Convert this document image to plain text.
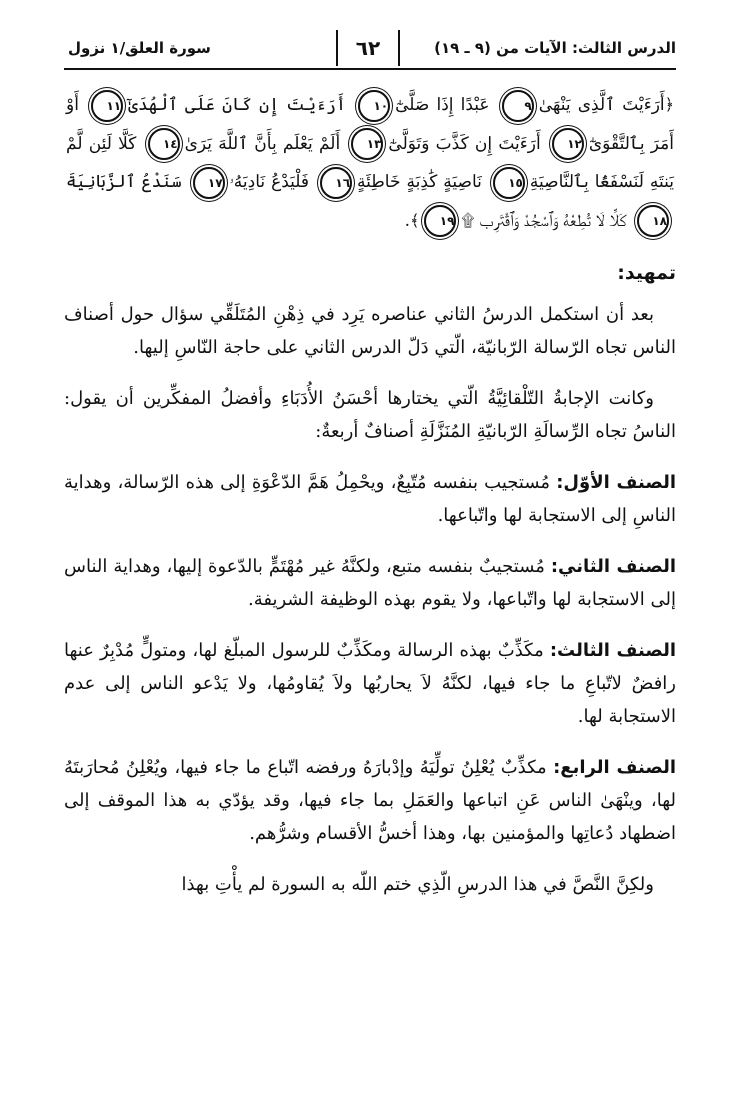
الدرس الثالث: الآيات من (٩ ـ ١٩)
٦٢
سورة العلق/١ نزول
﴿أَرَءَيْتَ ٱلَّذِى يَنْهَىٰ٩ عَبْدًا إِذَا صَلَّىٰٓ١٠ أَرَءَيْتَ إِن كَانَ عَلَى ٱلْهُدَىٰٓ١١ أَوْ أَمَرَ بِٱلتَّقْوَىٰٓ١٢ أَرَءَيْتَ إِن كَذَّبَ وَتَوَلَّىٰٓ١٣ أَلَمْ يَعْلَم بِأَنَّ ٱللَّهَ يَرَىٰ١٤ كَلَّا لَئِن لَّمْ يَنتَهِ لَنَسْفَعًۢا بِٱلنَّاصِيَةِ١٥ نَاصِيَةٍ كَٰذِبَةٍ خَاطِئَةٍ١٦ فَلْيَدْعُ نَادِيَهُۥ١٧ سَنَدْعُ ٱلزَّبَانِيَةَ١٨ كَلَّا لَا تُطِعْهُ وَٱسْجُدْ وَٱقْتَرِب ۩١٩﴾.
تمهيد:

بعد أن استكمل الدرسُ الثاني عناصره يَرِد في ذِهْنِ المُتَلَقِّي سؤال حول أصناف الناس تجاه الرّسالة الرّبانيّة، الّتي دَلّ الدرس الثاني على حاجة النّاسِ إليها.

وكانت الإجابةُ التّلْقائِيَّةُ الّتي يختارها أحْسَنُ الأُدَبَاءِ وأفضلُ المفكِّرين أن يقول: الناسُ تجاه الرِّسالَةِ الرّبانيّةِ المُنَزَّلَةِ أصنافٌ أربعةٌ:

الصنف الأوّل: مُستجيب بنفسه مُتّبِعٌ، ويحْمِلُ هَمَّ الدّعْوَةِ إلى هذه الرّسالة، وهداية الناسِ إلى الاستجابة لها واتّباعها.

الصنف الثاني: مُستجيبٌ بنفسه متبع، ولكنَّهُ غير مُهْتَمٍّ بالدّعوة إليها، وهداية الناس إلى الاستجابة لها واتّباعها، ولا يقوم بهذه الوظيفة الشريفة.

الصنف الثالث: مكَذِّبٌ بهذه الرسالة ومكَذِّبٌ للرسول المبلّغ لها، ومتولٍّ مُدْبِرٌ عنها رافضٌ لاتّباعِ ما جاء فيها، لكنَّهُ لاَ يحاربُها ولاَ يُقاومُها، ولا يَدْعو الناس إلى عدم الاستجابة لها.

الصنف الرابع: مكذِّبٌ يُعْلِنُ تولِّيَهُ وإدْبارَهُ ورفضه اتّباع ما جاء فيها، ويُعْلِنُ مُحارَبتَهُ لها، وينْهَىٰ الناس عَنِ اتباعها والعَمَلِ بما جاء فيها، وقد يؤدّي به هذا الموقف إلى اضطهاد دُعاتِها والمؤمنين بها، وهذا أخسُّ الأقسام وشرُّهم.

ولكِنَّ النَّصَّ في هذا الدرسِ الّذِي ختم اللّه به السورة لم يأْتِ بهذا
